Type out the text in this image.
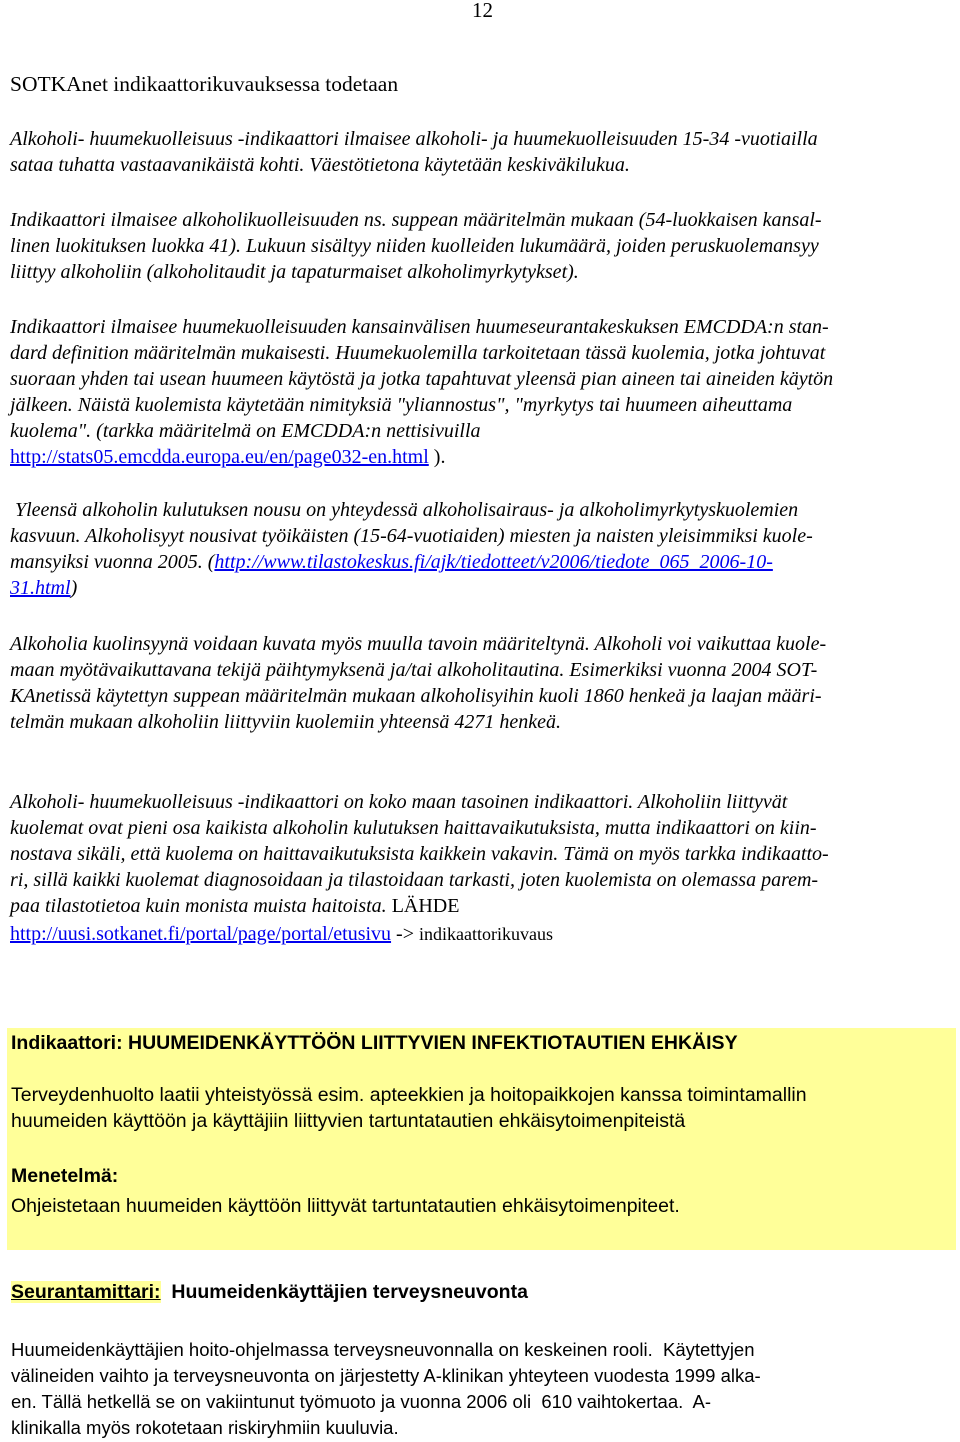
12
SOTKAnet indikaattorikuvauksessa todetaan
Alkoholi- huumekuolleisuus -indikaattori ilmaisee alkoholi- ja huumekuolleisuuden 15-34 -vuotiailla
sataa tuhatta vastaavanikäistä kohti. Väestötietona käytetään keskiväkilukua.
Indikaattori ilmaisee alkoholikuolleisuuden ns. suppean määritelmän mukaan (54-luokkaisen kansal-
linen luokituksen luokka 41). Lukuun sisältyy niiden kuolleiden lukumäärä, joiden peruskuolemansyy
liittyy alkoholiin (alkoholitaudit ja tapaturmaiset alkoholimyrkytykset).
Indikaattori ilmaisee huumekuolleisuuden kansainvälisen huumeseurantakeskuksen EMCDDA:n stan-
dard definition määritelmän mukaisesti. Huumekuolemilla tarkoitetaan tässä kuolemia, jotka johtuvat
suoraan yhden tai usean huumeen käytöstä ja jotka tapahtuvat yleensä pian aineen tai aineiden käytön
jälkeen. Näistä kuolemista käytetään nimityksiä "yliannostus", "myrkytys tai huumeen aiheuttama
kuolema". (tarkka määritelmä on EMCDDA:n nettisivuilla
http://stats05.emcdda.europa.eu/en/page032-en.html ).
Yleensä alkoholin kulutuksen nousu on yhteydessä alkoholisairaus- ja alkoholimyrkytyskuolemien
kasvuun. Alkoholisyyt nousivat työikäisten (15-64-vuotiaiden) miesten ja naisten yleisimmiksi kuole-
mansyiksi vuonna 2005. (http://www.tilastokeskus.fi/ajk/tiedotteet/v2006/tiedote_065_2006-10-
31.html)
Alkoholia kuolinsyynä voidaan kuvata myös muulla tavoin määriteltynä. Alkoholi voi vaikuttaa kuole-
maan myötävaikuttavana tekijä päihtymyksenä ja/tai alkoholitautina. Esimerkiksi vuonna 2004 SOT-
KAnetissä käytettyn suppean määritelmän mukaan alkoholisyihin kuoli 1860 henkeä ja laajan määri-
telmän mukaan alkoholiin liittyviin kuolemiin yhteensä 4271 henkeä.
Alkoholi- huumekuolleisuus -indikaattori on koko maan tasoinen indikaattori. Alkoholiin liittyvät
kuolemat ovat pieni osa kaikista alkoholin kulutuksen haittavaikutuksista, mutta indikaattori on kiin-
nostava sikäli, että kuolema on haittavaikutuksista kaikkein vakavin. Tämä on myös tarkka indikaatto-
ri, sillä kaikki kuolemat diagnosoidaan ja tilastoidaan tarkasti, joten kuolemista on olemassa parem-
paa tilastotietoa kuin monista muista haitoista. LÄHDE
http://uusi.sotkanet.fi/portal/page/portal/etusivu -> indikaattorikuvaus
Indikaattori: HUUMEIDENKÄYTTÖÖN LIITTYVIEN INFEKTIOTAUTIEN EHKÄISY
Terveydenhuolto laatii yhteistyössä esim. apteekkien ja hoitopaikkojen kanssa toimintamallin
huumeiden käyttöön ja käyttäjiin liittyvien tartuntatautien ehkäisytoimenpiteistä
Menetelmä:
Ohjeistetaan huumeiden käyttöön liittyvät tartuntatautien ehkäisytoimenpiteet.
Seurantamittari:  Huumeidenkäyttäjien terveysneuvonta
Huumeidenkäyttäjien hoito-ohjelmassa terveysneuvonnalla on keskeinen rooli.  Käytettyjen
välineiden vaihto ja terveysneuvonta on järjestetty A-klinikan yhteyteen vuodesta 1999 alka-
en. Tällä hetkellä se on vakiintunut työmuoto ja vuonna 2006 oli  610 vaihtokertaa.  A-
klinikalla myös rokotetaan riskiryhmiin kuuluvia.
